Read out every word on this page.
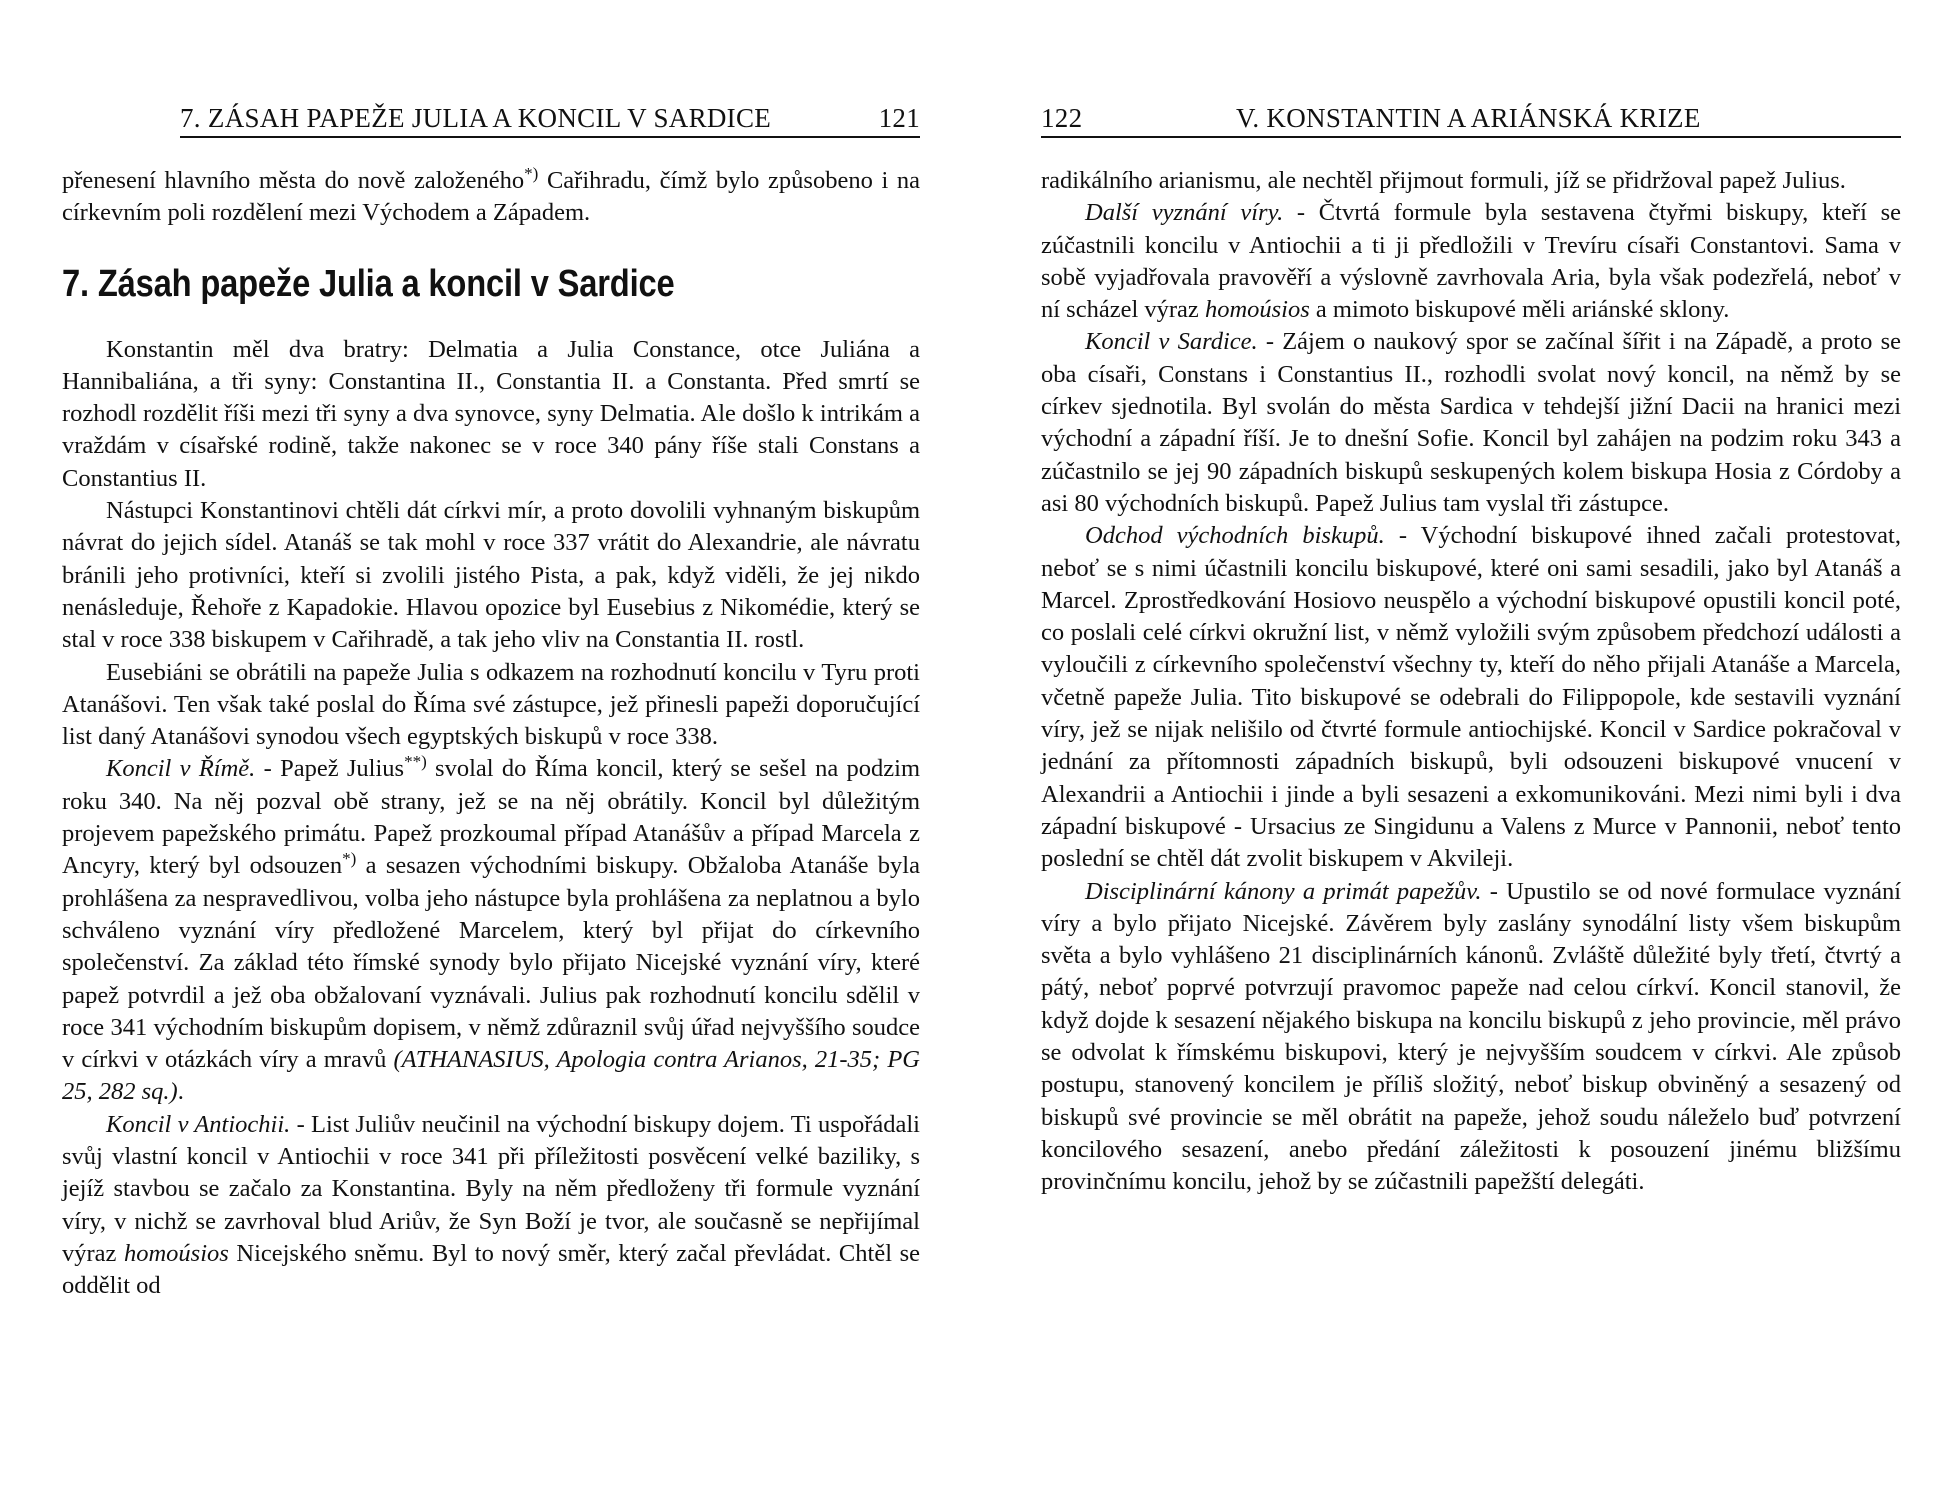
7. ZÁSAH PAPEŽE JULIA A KONCIL V SARDICE	121

přenesení hlavního města do nově založeného*) Cařihradu, čímž bylo způsobeno i na církevním poli rozdělení mezi Východem a Západem.

7. Zásah papeže Julia a koncil v Sardice

Konstantin měl dva bratry: Delmatia a Julia Constance, otce Juliána a Hannibaliána, a tři syny: Constantina II., Constantia II. a Constanta. Před smrtí se rozhodl rozdělit říši mezi tři syny a dva synovce, syny Delmatia. Ale došlo k intrikám a vraždám v císařské rodině, takže nakonec se v roce 340 pány říše stali Constans a Constantius II.

Nástupci Konstantinovi chtěli dát církvi mír, a proto dovolili vyhnaným biskupům návrat do jejich sídel. Atanáš se tak mohl v roce 337 vrátit do Alexandrie, ale návratu bránili jeho protivníci, kteří si zvolili jistého Pista, a pak, když viděli, že jej nikdo nenásleduje, Řehoře z Kapadokie. Hlavou opozice byl Eusebius z Nikomédie, který se stal v roce 338 biskupem v Cařihradě, a tak jeho vliv na Constantia II. rostl.

Eusebiáni se obrátili na papeže Julia s odkazem na rozhodnutí koncilu v Tyru proti Atanášovi. Ten však také poslal do Říma své zástupce, jež přinesli papeži doporučující list daný Atanášovi synodou všech egyptských biskupů v roce 338.

Koncil v Římě. - Papež Julius**) svolal do Říma koncil, který se sešel na podzim roku 340. Na něj pozval obě strany, jež se na něj obrátily. Koncil byl důležitým projevem papežského primátu. Papež prozkoumal případ Atanášův a případ Marcela z Ancyry, který byl odsouzen*) a sesazen východními biskupy. Obžaloba Atanáše byla prohlášena za nespravedlivou, volba jeho nástupce byla prohlášena za neplatnou a bylo schváleno vyznání víry předložené Marcelem, který byl přijat do církevního společenství. Za základ této římské synody bylo přijato Nicejské vyznání víry, které papež potvrdil a jež oba obžalovaní vyznávali. Julius pak rozhodnutí koncilu sdělil v roce 341 východním biskupům dopisem, v němž zdůraznil svůj úřad nejvyššího soudce v církvi v otázkách víry a mravů (ATHANASIUS, Apologia contra Arianos, 21-35; PG 25, 282 sq.).

Koncil v Antiochii. - List Juliův neučinil na východní biskupy dojem. Ti uspořádali svůj vlastní koncil v Antiochii v roce 341 při příležitosti posvěcení velké baziliky, s jejíž stavbou se začalo za Konstantina. Byly na něm předloženy tři formule vyznání víry, v nichž se zavrhoval blud Ariův, že Syn Boží je tvor, ale současně se nepřijímal výraz homoúsios Nicejského sněmu. Byl to nový směr, který začal převládat. Chtěl se oddělit od

122	V. KONSTANTIN A ARIÁNSKÁ KRIZE

radikálního arianismu, ale nechtěl přijmout formuli, jíž se přidržoval papež Julius.

Další vyznání víry. - Čtvrtá formule byla sestavena čtyřmi biskupy, kteří se zúčastnili koncilu v Antiochii a ti ji předložili v Trevíru císaři Constantovi. Sama v sobě vyjadřovala pravověří a výslovně zavrhovala Aria, byla však podezřelá, neboť v ní scházel výraz homoúsios a mimoto biskupové měli ariánské sklony.

Koncil v Sardice. - Zájem o naukový spor se začínal šířit i na Západě, a proto se oba císaři, Constans i Constantius II., rozhodli svolat nový koncil, na němž by se církev sjednotila. Byl svolán do města Sardica v tehdejší jižní Dacii na hranici mezi východní a západní říší. Je to dnešní Sofie. Koncil byl zahájen na podzim roku 343 a zúčastnilo se jej 90 západních biskupů seskupených kolem biskupa Hosia z Córdoby a asi 80 východních biskupů. Papež Julius tam vyslal tři zástupce.

Odchod východních biskupů. - Východní biskupové ihned začali protestovat, neboť se s nimi účastnili koncilu biskupové, které oni sami sesadili, jako byl Atanáš a Marcel. Zprostředkování Hosiovo neuspělo a východní biskupové opustili koncil poté, co poslali celé církvi okružní list, v němž vyložili svým způsobem předchozí události a vyloučili z církevního společenství všechny ty, kteří do něho přijali Atanáše a Marcela, včetně papeže Julia. Tito biskupové se odebrali do Filippopole, kde sestavili vyznání víry, jež se nijak nelišilo od čtvrté formule antiochijské. Koncil v Sardice pokračoval v jednání za přítomnosti západních biskupů, byli odsouzeni biskupové vnucení v Alexandrii a Antiochii i jinde a byli sesazeni a exkomunikováni. Mezi nimi byli i dva západní biskupové - Ursacius ze Singidunu a Valens z Murce v Pannonii, neboť tento poslední se chtěl dát zvolit biskupem v Akvileji.

Disciplinární kánony a primát papežův. - Upustilo se od nové formulace vyznání víry a bylo přijato Nicejské. Závěrem byly zaslány synodální listy všem biskupům světa a bylo vyhlášeno 21 disciplinárních kánonů. Zvláště důležité byly třetí, čtvrtý a pátý, neboť poprvé potvrzují pravomoc papeže nad celou církví. Koncil stanovil, že když dojde k sesazení nějakého biskupa na koncilu biskupů z jeho provincie, měl právo se odvolat k římskému biskupovi, který je nejvyšším soudcem v církvi. Ale způsob postupu, stanovený koncilem je příliš složitý, neboť biskup obviněný a sesazený od biskupů své provincie se měl obrátit na papeže, jehož soudu náleželo buď potvrzení koncilového sesazení, anebo předání záležitosti k posouzení jinému bližšímu provinčnímu koncilu, jehož by se zúčastnili papežští delegáti.
